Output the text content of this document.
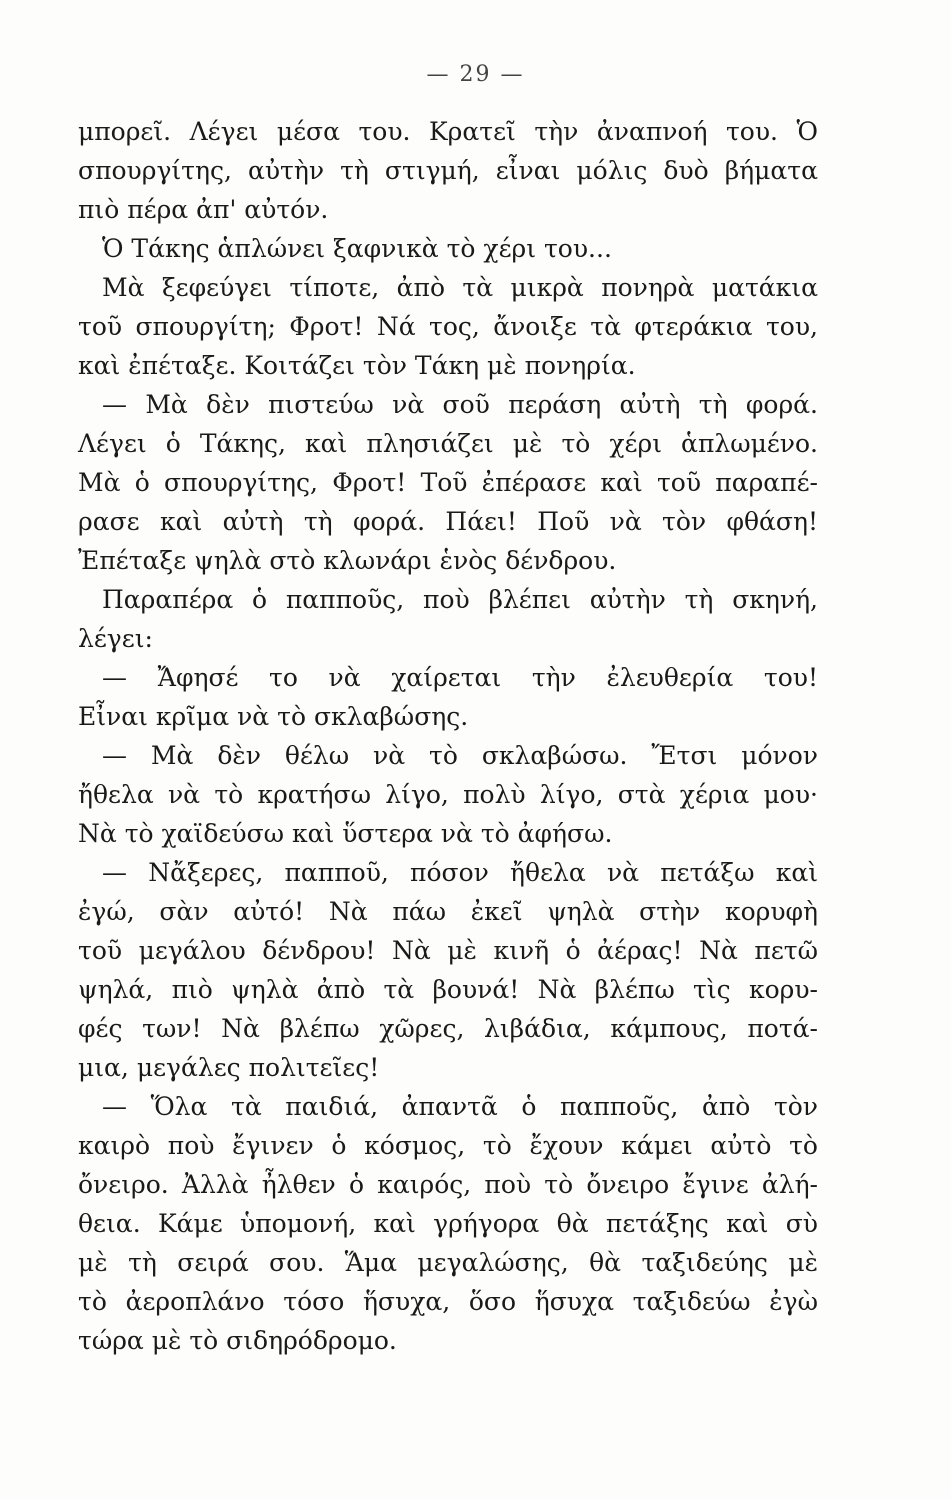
— 29 —
μπορεῖ. Λέγει μέσα του. Κρατεῖ τὴν ἀναπνοή του. Ὁ
σπουργίτης, αὐτὴν τὴ στιγμή, εἶναι μόλις δυὸ βήματα
πιὸ πέρα ἀπ' αὐτόν.
Ὁ Τάκης ἁπλώνει ξαφνικὰ τὸ χέρι του...
Μὰ ξεφεύγει τίποτε, ἀπὸ τὰ μικρὰ πονηρὰ ματάκια
τοῦ σπουργίτη; Φροτ! Νά τος, ἄνοιξε τὰ φτεράκια του,
καὶ ἐπέταξε. Κοιτάζει τὸν Τάκη μὲ πονηρία.
— Μὰ δὲν πιστεύω νὰ σοῦ περάση αὐτὴ τὴ φορά.
Λέγει ὁ Τάκης, καὶ πλησιάζει μὲ τὸ χέρι ἁπλωμένο.
Μὰ ὁ σπουργίτης, Φροτ! Τοῦ ἐπέρασε καὶ τοῦ παραπέ-
ρασε καὶ αὐτὴ τὴ φορά. Πάει! Ποῦ νὰ τὸν φθάση!
Ἐπέταξε ψηλὰ στὸ κλωνάρι ἑνὸς δένδρου.
Παραπέρα ὁ παπποῦς, ποὺ βλέπει αὐτὴν τὴ σκηνή,
λέγει:
— Ἄφησέ το νὰ χαίρεται τὴν ἐλευθερία του!
Εἶναι κρῖμα νὰ τὸ σκλαβώσης.
— Μὰ δὲν θέλω νὰ τὸ σκλαβώσω. Ἔτσι μόνον
ἤθελα νὰ τὸ κρατήσω λίγο, πολὺ λίγο, στὰ χέρια μου·
Νὰ τὸ χαϊδεύσω καὶ ὕστερα νὰ τὸ ἀφήσω.
— Νἄξερες, παπποῦ, πόσον ἤθελα νὰ πετάξω καὶ
ἐγώ, σὰν αὐτό! Νὰ πάω ἐκεῖ ψηλὰ στὴν κορυφὴ
τοῦ μεγάλου δένδρου! Νὰ μὲ κινῆ ὁ ἀέρας! Νὰ πετῶ
ψηλά, πιὸ ψηλὰ ἀπὸ τὰ βουνά! Νὰ βλέπω τὶς κορυ-
φές των! Νὰ βλέπω χῶρες, λιβάδια, κάμπους, ποτά-
μια, μεγάλες πολιτεῖες!
— Ὅλα τὰ παιδιά, ἀπαντᾶ ὁ παπποῦς, ἀπὸ τὸν
καιρὸ ποὺ ἔγινεν ὁ κόσμος, τὸ ἔχουν κάμει αὐτὸ τὸ
ὄνειρο. Ἀλλὰ ἦλθεν ὁ καιρός, ποὺ τὸ ὄνειρο ἔγινε ἀλή-
θεια. Κάμε ὑπομονή, καὶ γρήγορα θὰ πετάξης καὶ σὺ
μὲ τὴ σειρά σου. Ἅμα μεγαλώσης, θὰ ταξιδεύης μὲ
τὸ ἀεροπλάνο τόσο ἥσυχα, ὅσο ἥσυχα ταξιδεύω ἐγὼ
τώρα μὲ τὸ σιδηρόδρομο.
